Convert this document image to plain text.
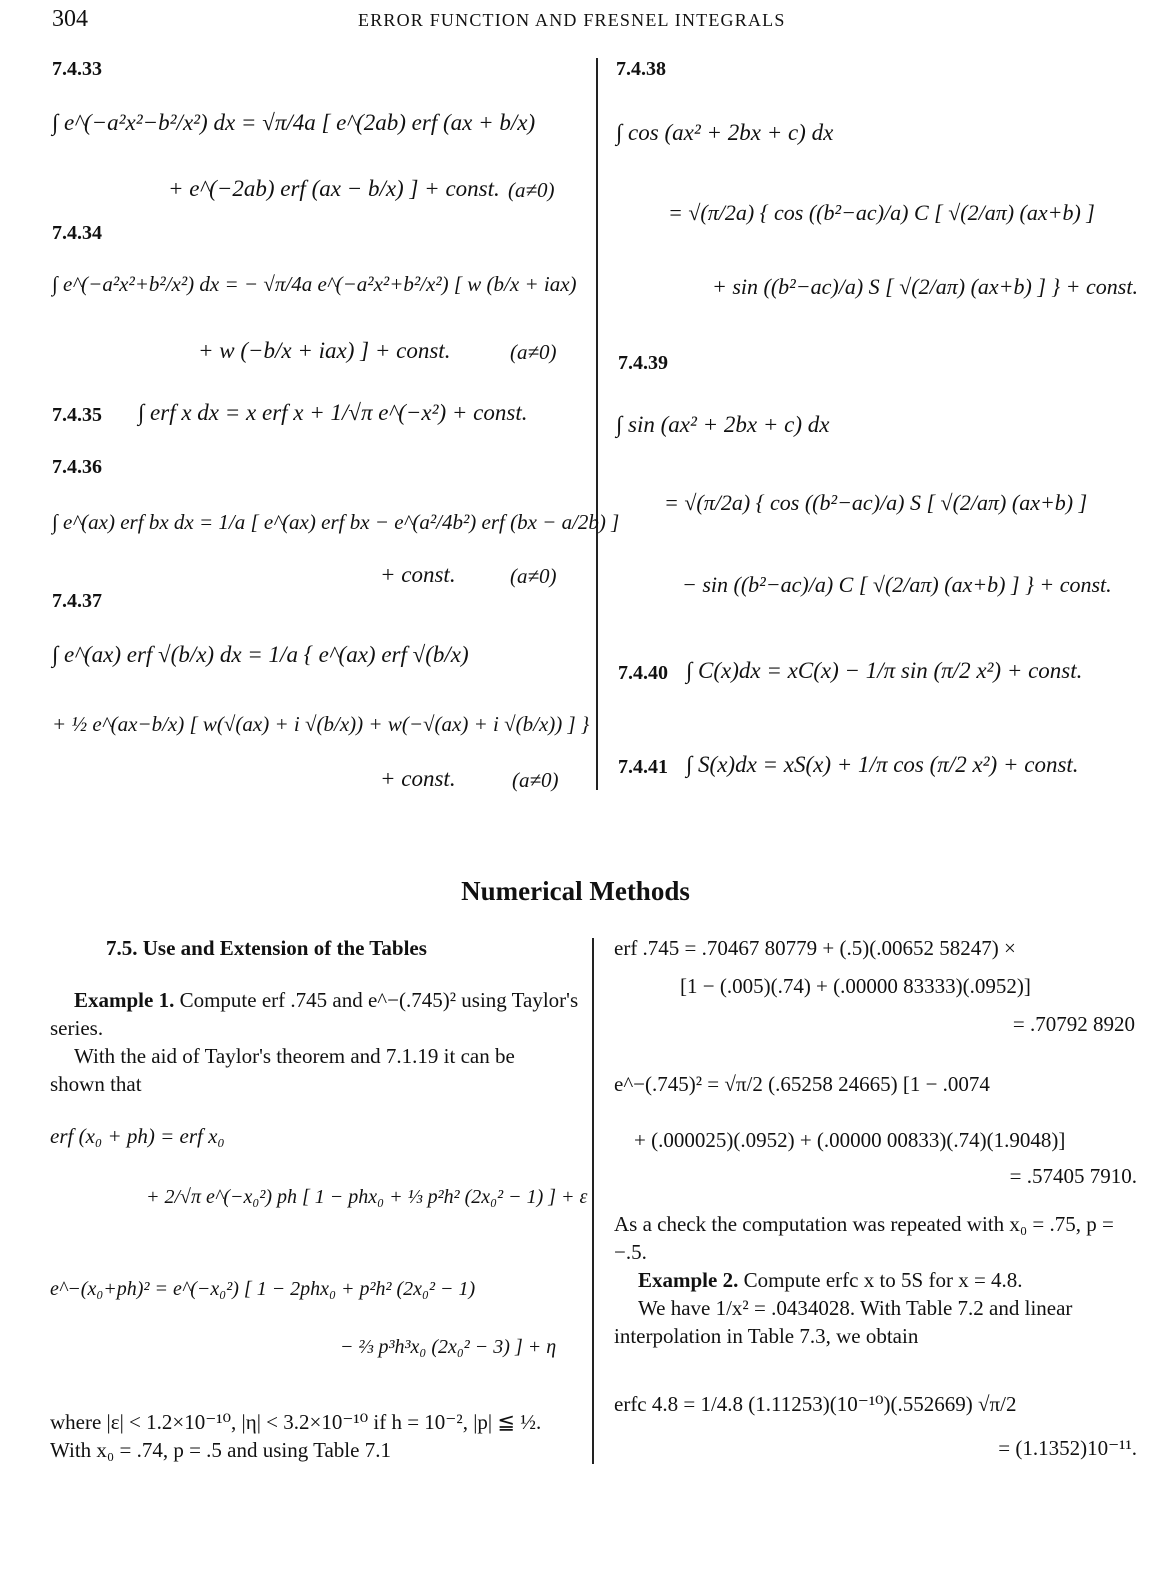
304	ERROR FUNCTION AND FRESNEL INTEGRALS
7.4.33
∫ e^(−a²x²−b²/x²) dx = √π/4a [ e^(2ab) erf (ax + b/x)
+ e^(−2ab) erf (ax − b/x) ] + const. (a≠0)
7.4.34
∫ e^(−a²x²+b²/x²) dx = − √π/4a e^(−a²x²+b²/x²) [ w (b/x + iax)
+ w (−b/x + iax) ] + const.	(a≠0)
7.4.35 ∫ erf x dx = x erf x + 1/√π e^(−x²) + const.
7.4.36
∫ e^(ax) erf bx dx = 1/a [ e^(ax) erf bx − e^(a²/4b²) erf (bx − a/2b) ]
+ const.	(a≠0)
7.4.37
∫ e^(ax) erf √(b/x) dx = 1/a { e^(ax) erf √(b/x)
+ ½ e^(ax−b/x) [ w(√(ax) + i √(b/x)) + w(−√(ax) + i √(b/x)) ] }
+ const.	(a≠0)
7.4.38
∫ cos (ax² + 2bx + c) dx
= √(π/2a) { cos ((b²−ac)/a) C [ √(2/aπ) (ax+b) ]
+ sin ((b²−ac)/a) S [ √(2/aπ) (ax+b) ] } + const.
7.4.39
∫ sin (ax² + 2bx + c) dx
= √(π/2a) { cos ((b²−ac)/a) S [ √(2/aπ) (ax+b) ]
− sin ((b²−ac)/a) C [ √(2/aπ) (ax+b) ] } + const.
7.4.40 ∫ C(x)dx = xC(x) − 1/π sin (π/2 x²) + const.
7.4.41 ∫ S(x)dx = xS(x) + 1/π cos (π/2 x²) + const.
Numerical Methods
7.5. Use and Extension of the Tables
Example 1. Compute erf .745 and e^−(.745)² using Taylor's series.
With the aid of Taylor's theorem and 7.1.19 it can be shown that
erf (x₀ + ph) = erf x₀
+ 2/√π e^(−x₀²) ph [ 1 − phx₀ + ⅓ p²h² (2x₀² − 1) ] + ε
e^−(x₀+ph)² = e^(−x₀²) [ 1 − 2phx₀ + p²h² (2x₀² − 1)
− ⅔ p³h³x₀ (2x₀² − 3) ] + η
where |ε| < 1.2×10⁻¹⁰, |η| < 3.2×10⁻¹⁰ if h = 10⁻², |p| ≦ ½. With x₀ = .74, p = .5 and using Table 7.1
erf .745 = .70467 80779 + (.5)(.00652 58247) ×
[1 − (.005)(.74) + (.00000 83333)(.0952)]
= .70792 8920
e^−(.745)² = √π/2 (.65258 24665) [1 − .0074
+ (.000025)(.0952) + (.00000 00833)(.74)(1.9048)]
= .57405 7910.
As a check the computation was repeated with x₀ = .75, p = −.5.
Example 2. Compute erfc x to 5S for x = 4.8.
We have 1/x² = .0434028. With Table 7.2 and linear interpolation in Table 7.3, we obtain
erfc 4.8 = 1/4.8 (1.11253)(10⁻¹⁰)(.552669) √π/2
= (1.1352)10⁻¹¹.
